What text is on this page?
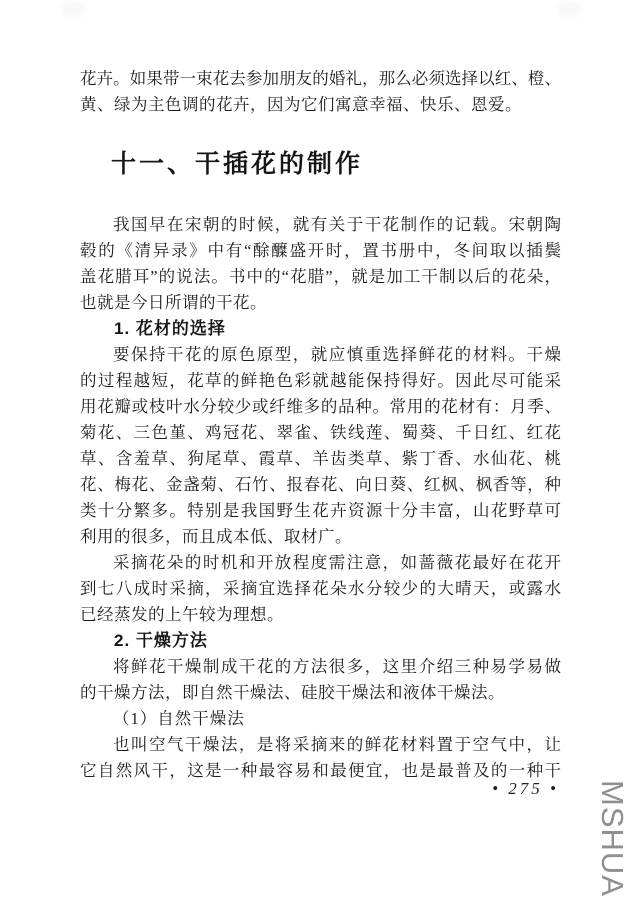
花卉。如果带一束花去参加朋友的婚礼，那么必须选择以红、橙、
黄、绿为主色调的花卉，因为它们寓意幸福、快乐、恩爱。
十一、干插花的制作
我国早在宋朝的时候，就有关于干花制作的记载。宋朝陶
毂的《清异录》中有“酴醾盛开时，置书册中，冬间取以插鬓
盖花腊耳”的说法。书中的“花腊”，就是加工干制以后的花朵，
也就是今日所谓的干花。
1. 花材的选择
要保持干花的原色原型，就应慎重选择鲜花的材料。干燥
的过程越短，花草的鲜艳色彩就越能保持得好。因此尽可能采
用花瓣或枝叶水分较少或纤维多的品种。常用的花材有：月季、
菊花、三色堇、鸡冠花、翠雀、铁线莲、蜀葵、千日红、红花
草、含羞草、狗尾草、霞草、羊齿类草、紫丁香、水仙花、桃
花、梅花、金盏菊、石竹、报春花、向日葵、红枫、枫香等，种
类十分繁多。特别是我国野生花卉资源十分丰富，山花野草可
利用的很多，而且成本低、取材广。
采摘花朵的时机和开放程度需注意，如蔷薇花最好在花开
到七八成时采摘，采摘宜选择花朵水分较少的大晴天，或露水
已经蒸发的上午较为理想。
2. 干燥方法
将鲜花干燥制成干花的方法很多，这里介绍三种易学易做
的干燥方法，即自然干燥法、硅胶干燥法和液体干燥法。
（1）自然干燥法
也叫空气干燥法，是将采摘来的鲜花材料置于空气中，让
它自然风干，这是一种最容易和最便宜，也是最普及的一种干
• 275 • MSHUA
